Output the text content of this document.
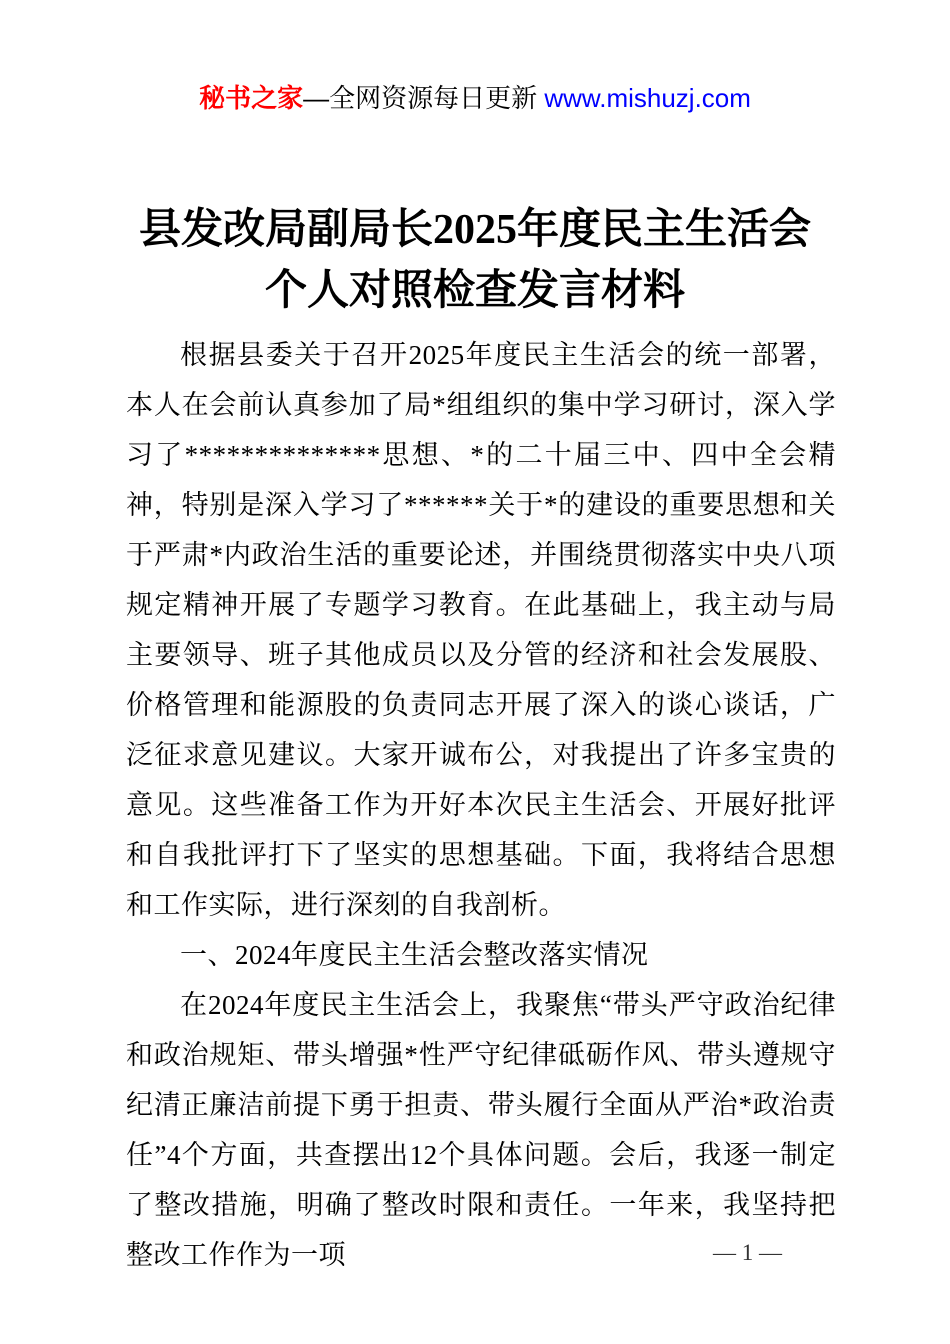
秘书之家—全网资源每日更新 www.mishuzj.com
县发改局副局长2025年度民主生活会个人对照检查发言材料

根据县委关于召开2025年度民主生活会的统一部署，本人在会前认真参加了局*组组织的集中学习研讨，深入学习了**************思想、*的二十届三中、四中全会精神，特别是深入学习了******关于*的建设的重要思想和关于严肃*内政治生活的重要论述，并围绕贯彻落实中央八项规定精神开展了专题学习教育。在此基础上，我主动与局主要领导、班子其他成员以及分管的经济和社会发展股、价格管理和能源股的负责同志开展了深入的谈心谈话，广泛征求意见建议。大家开诚布公，对我提出了许多宝贵的意见。这些准备工作为开好本次民主生活会、开展好批评和自我批评打下了坚实的思想基础。下面，我将结合思想和工作实际，进行深刻的自我剖析。

一、2024年度民主生活会整改落实情况

在2024年度民主生活会上，我聚焦“带头严守政治纪律和政治规矩、带头增强*性严守纪律砥砺作风、带头遵规守纪清正廉洁前提下勇于担责、带头履行全面从严治*政治责任”4个方面，共查摆出12个具体问题。会后，我逐一制定了整改措施，明确了整改时限和责任。一年来，我坚持把整改工作作为一项	— 1 —
